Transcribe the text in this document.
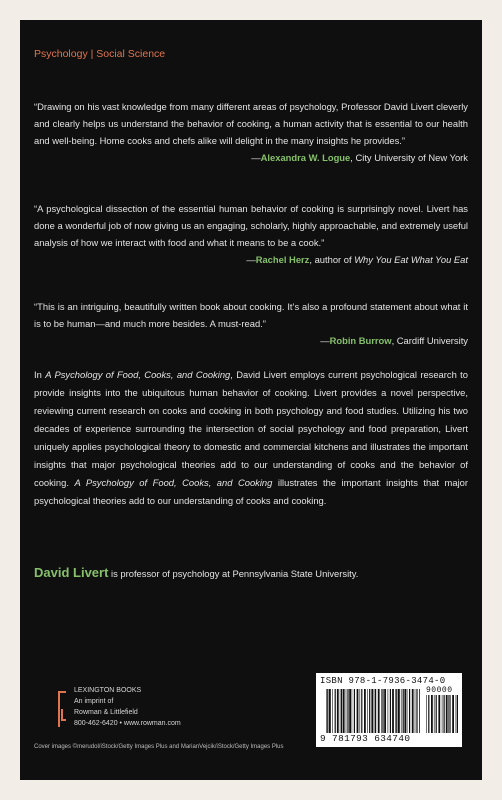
Psychology | Social Science
“Drawing on his vast knowledge from many different areas of psychology, Professor David Livert cleverly and clearly helps us understand the behavior of cooking, a human activity that is essential to our health and well-being. Home cooks and chefs alike will delight in the many insights he provides.”
—Alexandra W. Logue, City University of New York
“A psychological dissection of the essential human behavior of cooking is surprisingly novel. Livert has done a wonderful job of now giving us an engaging, scholarly, highly approachable, and extremely useful analysis of how we interact with food and what it means to be a cook.”
—Rachel Herz, author of Why You Eat What You Eat
“This is an intriguing, beautifully written book about cooking. It’s also a profound statement about what it is to be human—and much more besides. A must-read.”
—Robin Burrow, Cardiff University
In A Psychology of Food, Cooks, and Cooking, David Livert employs current psychological research to provide insights into the ubiquitous human behavior of cooking. Livert provides a novel perspective, reviewing current research on cooks and cooking in both psychology and food studies. Utilizing his two decades of experience surrounding the intersection of social psychology and food preparation, Livert uniquely applies psychological theory to domestic and commercial kitchens and illustrates the important insights that major psychological theories add to our understanding of cooks and the behavior of cooking. A Psychology of Food, Cooks, and Cooking illustrates the important insights that major psychological theories add to our understanding of cooks and cooking.
David Livert is professor of psychology at Pennsylvania State University.
LEXINGTON BOOKS
An imprint of
Rowman & Littlefield
800-462-6420 • www.rowman.com
ISBN 978-1-7936-3474-0
9 781793 634740
90000
Cover images ©merudol/iStock/Getty Images Plus and MarianVejcik/iStock/Getty Images Plus
